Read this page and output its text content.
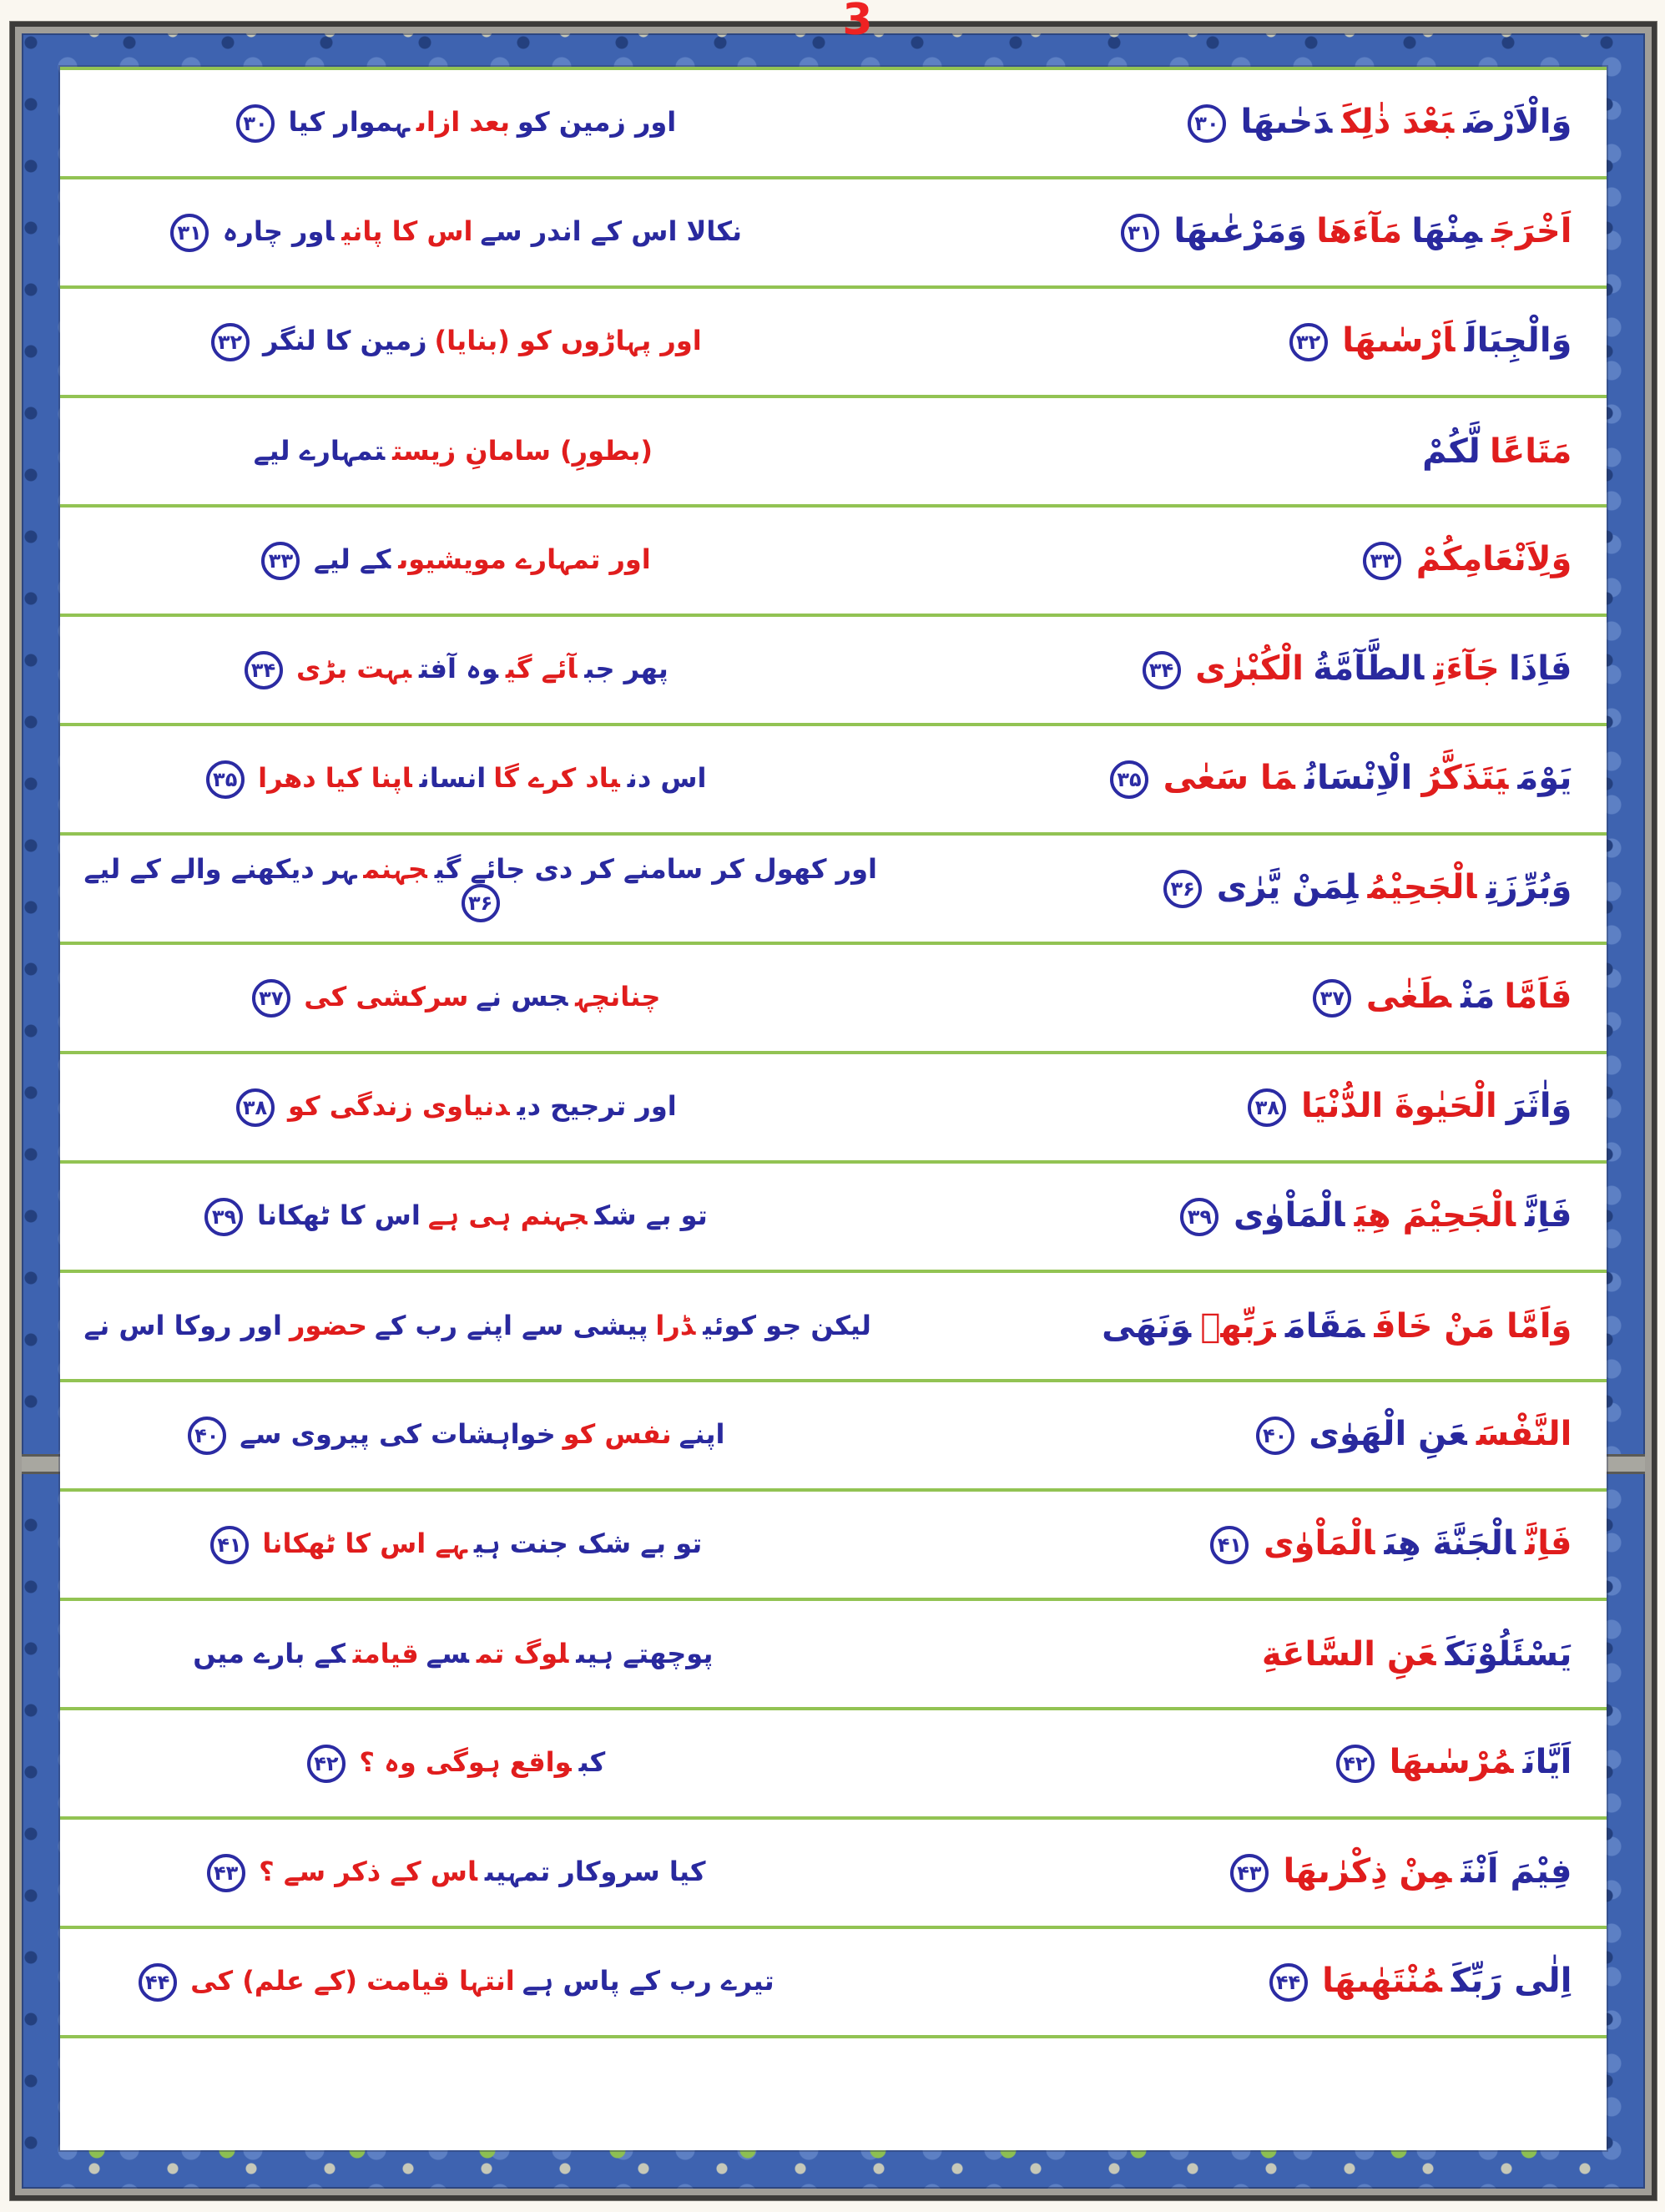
3
اور زمین کوبعد ازاںہموار کیا۳۰	وَالْاَرْضَبَعْدَ ذٰلِكَدَحٰىهَا۳۰
نکالا اس کے اندر سےاس کا پانیاور چارہ۳۱	اَخْرَجَمِنْهَامَآءَهَاوَمَرْعٰىهَا۳۱
اور پہاڑوں کو (بنایا)زمین کا لنگر۳۲	وَالْجِبَالَاَرْسٰىهَا۳۲
(بطورِ) سامانِ زیستتمہارے لیے	مَتَاعًالَّكُمْ
اور تمہارے مویشیوںکے لیے۳۳	وَلِاَنْعَامِكُمْ۳۳
پھر جبآئے گیوہ آفتبہت بڑی۳۴	فَاِذَاجَآءَتِالطَّآمَّةُالْكُبْرٰى۳۴
اس دنیاد کرے گاانساناپنا کیا دھرا۳۵	يَوْمَيَتَذَكَّرُالْاِنْسَانُمَا سَعٰى۳۵
اور کھول کر سامنے کر دی جائے گیجہنمہر دیکھنے والے کے لیے۳۶	وَبُرِّزَتِالْجَحِيْمُلِمَنْ يَّرٰى۳۶
چنانچہجس نےسرکشی کی۳۷	فَاَمَّامَنْطَغٰى۳۷
اور ترجیح دیدنیاوی زندگی کو۳۸	وَاٰثَرَالْحَيٰوةَ الدُّنْيَا۳۸
تو بے شکجہنم ہی ہےاس کا ٹھکانا۳۹	فَاِنَّالْجَحِيْمَ هِيَالْمَاْوٰى۳۹
لیکن جو کوئیڈراپیشی سے اپنے رب کےحضوراور روکا اس نے	وَاَمَّا مَنْ خَافَمَقَامَرَبِّهٖوَنَهَى
اپنےنفس کوخواہشات کی پیروی سے۴۰	النَّفْسَعَنِ الْهَوٰى۴۰
تو بے شک جنت ہیہے اس کا ٹھکانا۴۱	فَاِنَّالْجَنَّةَ هِىَالْمَاْوٰى۴۱
پوچھتے ہیںلوگ تمسےقیامتکے بارے میں	يَسْئَلُوْنَكَعَنِ السَّاعَةِ
کبواقع ہوگی وہ ؟۴۲	اَيَّانَمُرْسٰىهَا۴۲
کیا سروکار تمہیںاس کے ذکر سے ؟۴۳	فِيْمَ اَنْتَمِنْ ذِكْرٰىهَا۴۳
تیرے رب کے پاس ہےانتہا قیامت (کے علم) کی۴۴	اِلٰى رَبِّكَمُنْتَهٰىهَا۴۴
